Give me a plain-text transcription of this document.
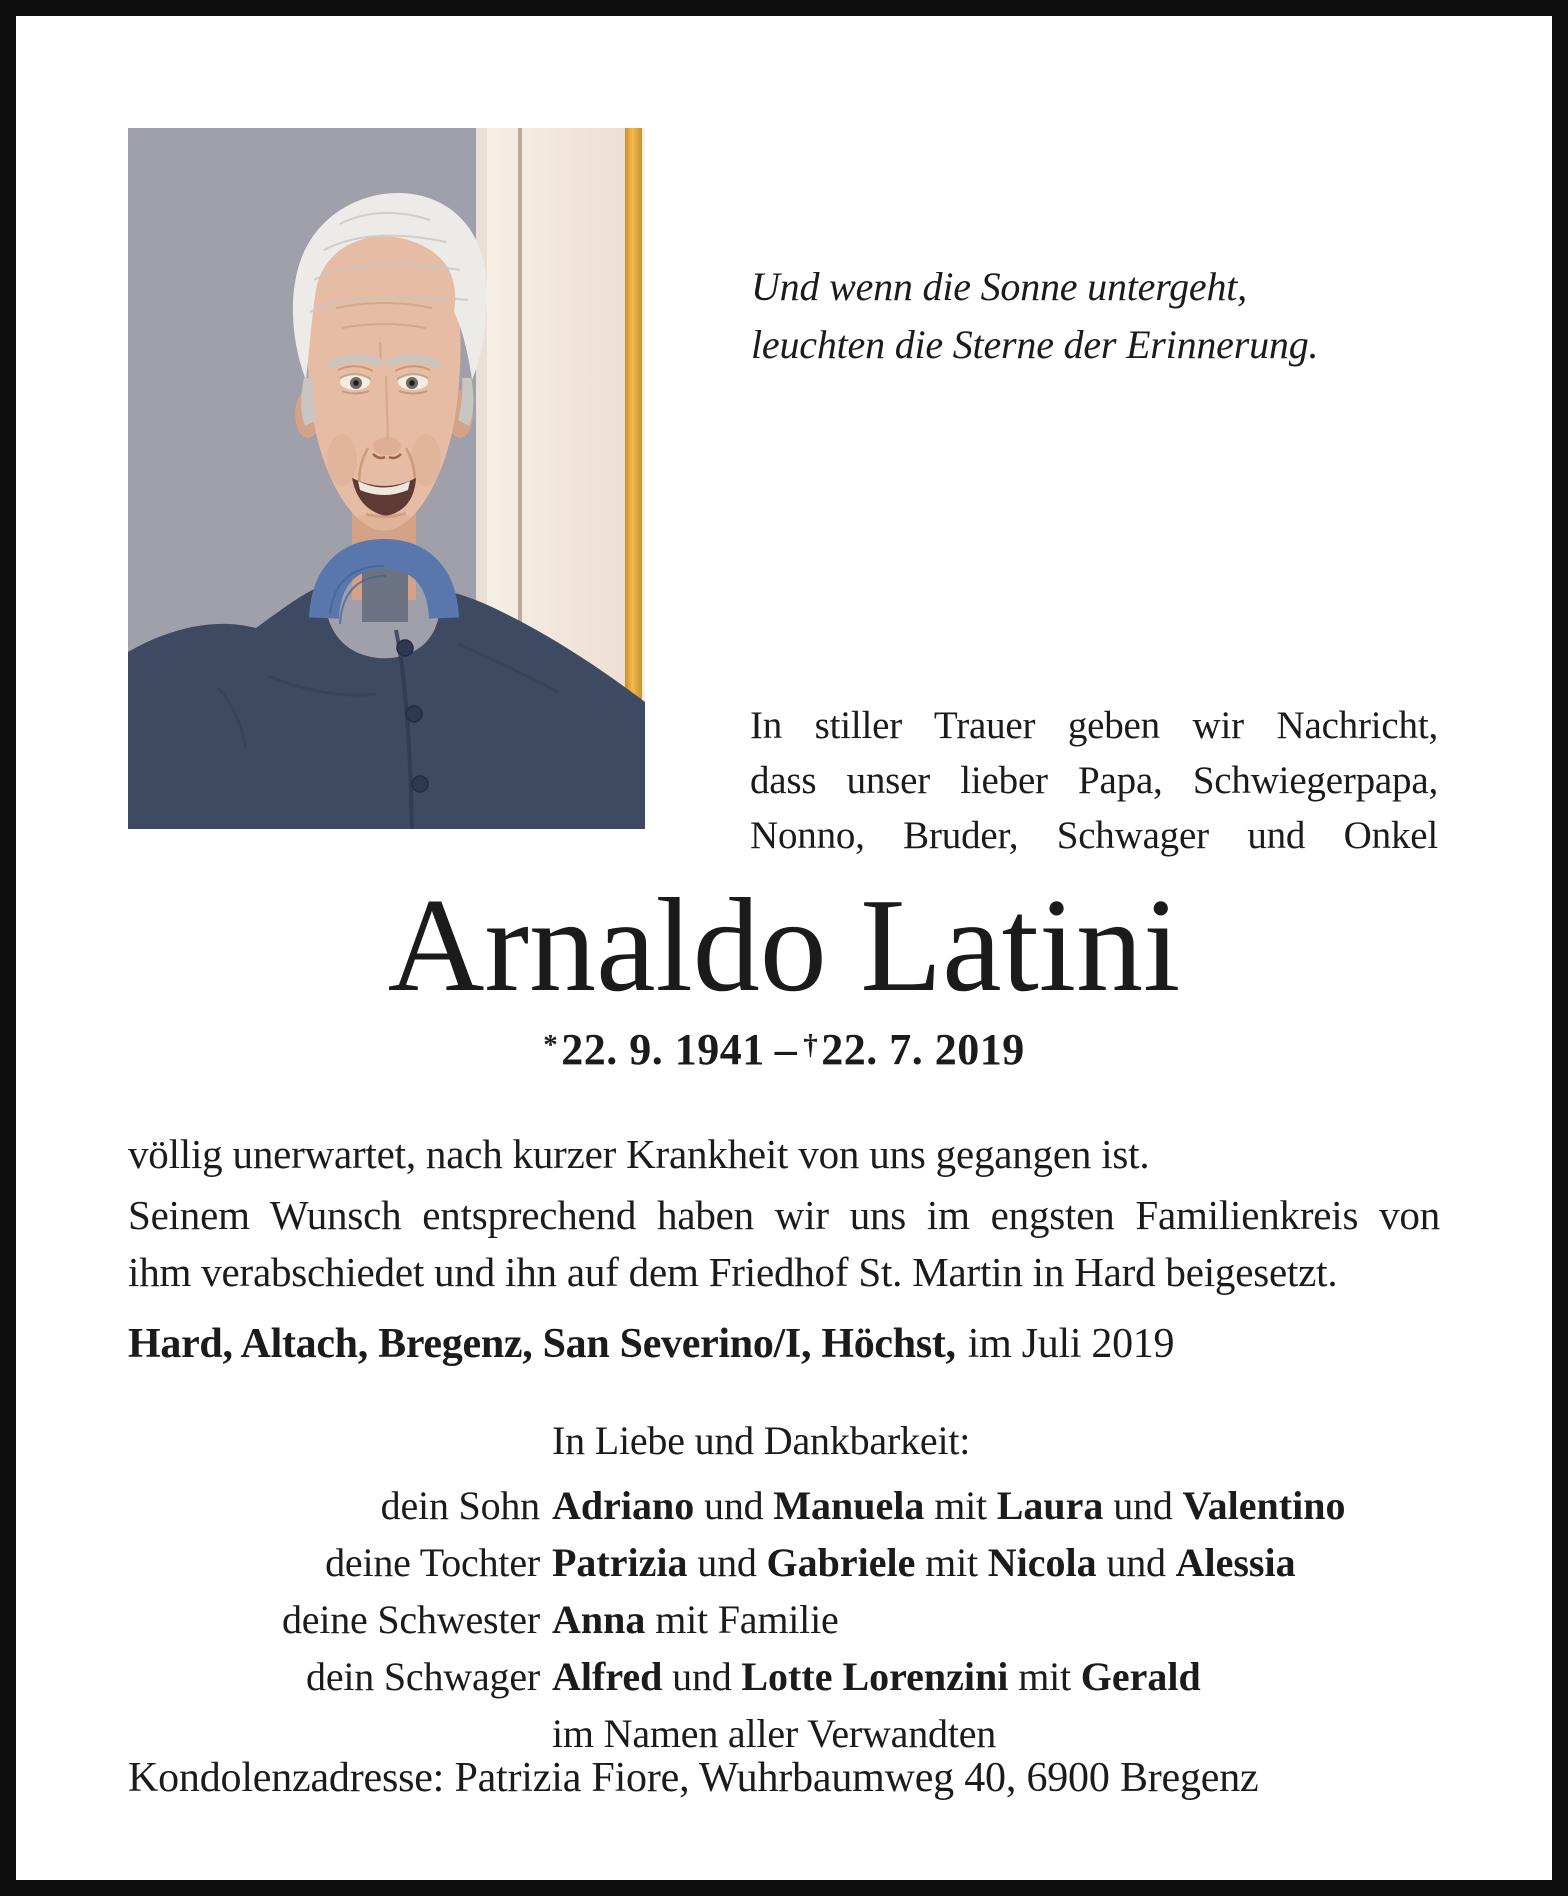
Und wenn die Sonne untergeht,
leuchten die Sterne der Erinnerung.
In stiller Trauer geben wir Nachricht,
dass unser lieber Papa, Schwiegerpapa,
Nonno, Bruder, Schwager und Onkel
Arnaldo Latini
*22. 9. 1941 – †22. 7. 2019
völlig unerwartet, nach kurzer Krankheit von uns gegangen ist.
Seinem Wunsch entsprechend haben wir uns im engsten Familienkreis von
ihm verabschiedet und ihn auf dem Friedhof St. Martin in Hard beigesetzt.
Hard, Altach, Bregenz, San Severino/I, Höchst, im Juli 2019
In Liebe und Dankbarkeit:
dein Sohn Adriano und Manuela mit Laura und Valentino
deine Tochter Patrizia und Gabriele mit Nicola und Alessia
deine Schwester Anna mit Familie
dein Schwager Alfred und Lotte Lorenzini mit Gerald
im Namen aller Verwandten
Kondolenzadresse: Patrizia Fiore, Wuhrbaumweg 40, 6900 Bregenz
